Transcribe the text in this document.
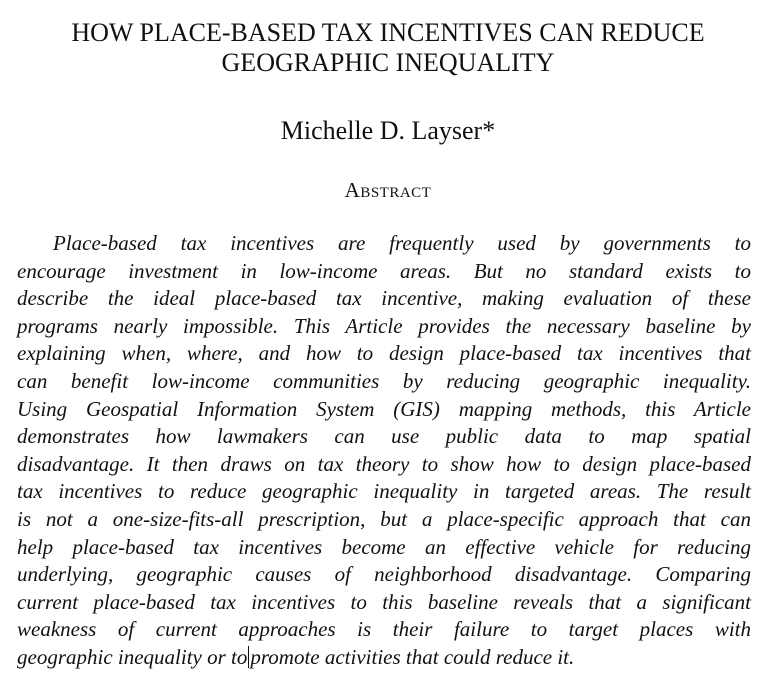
HOW PLACE-BASED TAX INCENTIVES CAN REDUCE
GEOGRAPHIC INEQUALITY
Michelle D. Layser*
Abstract
Place-based tax incentives are frequently used by governments to
encourage investment in low-income areas. But no standard exists to
describe the ideal place-based tax incentive, making evaluation of these
programs nearly impossible. This Article provides the necessary baseline by
explaining when, where, and how to design place-based tax incentives that
can benefit low-income communities by reducing geographic inequality.
Using Geospatial Information System (GIS) mapping methods, this Article
demonstrates how lawmakers can use public data to map spatial
disadvantage. It then draws on tax theory to show how to design place-based
tax incentives to reduce geographic inequality in targeted areas. The result
is not a one-size-fits-all prescription, but a place-specific approach that can
help place-based tax incentives become an effective vehicle for reducing
underlying, geographic causes of neighborhood disadvantage. Comparing
current place-based tax incentives to this baseline reveals that a significant
weakness of current approaches is their failure to target places with
geographic inequality or to promote activities that could reduce it.
